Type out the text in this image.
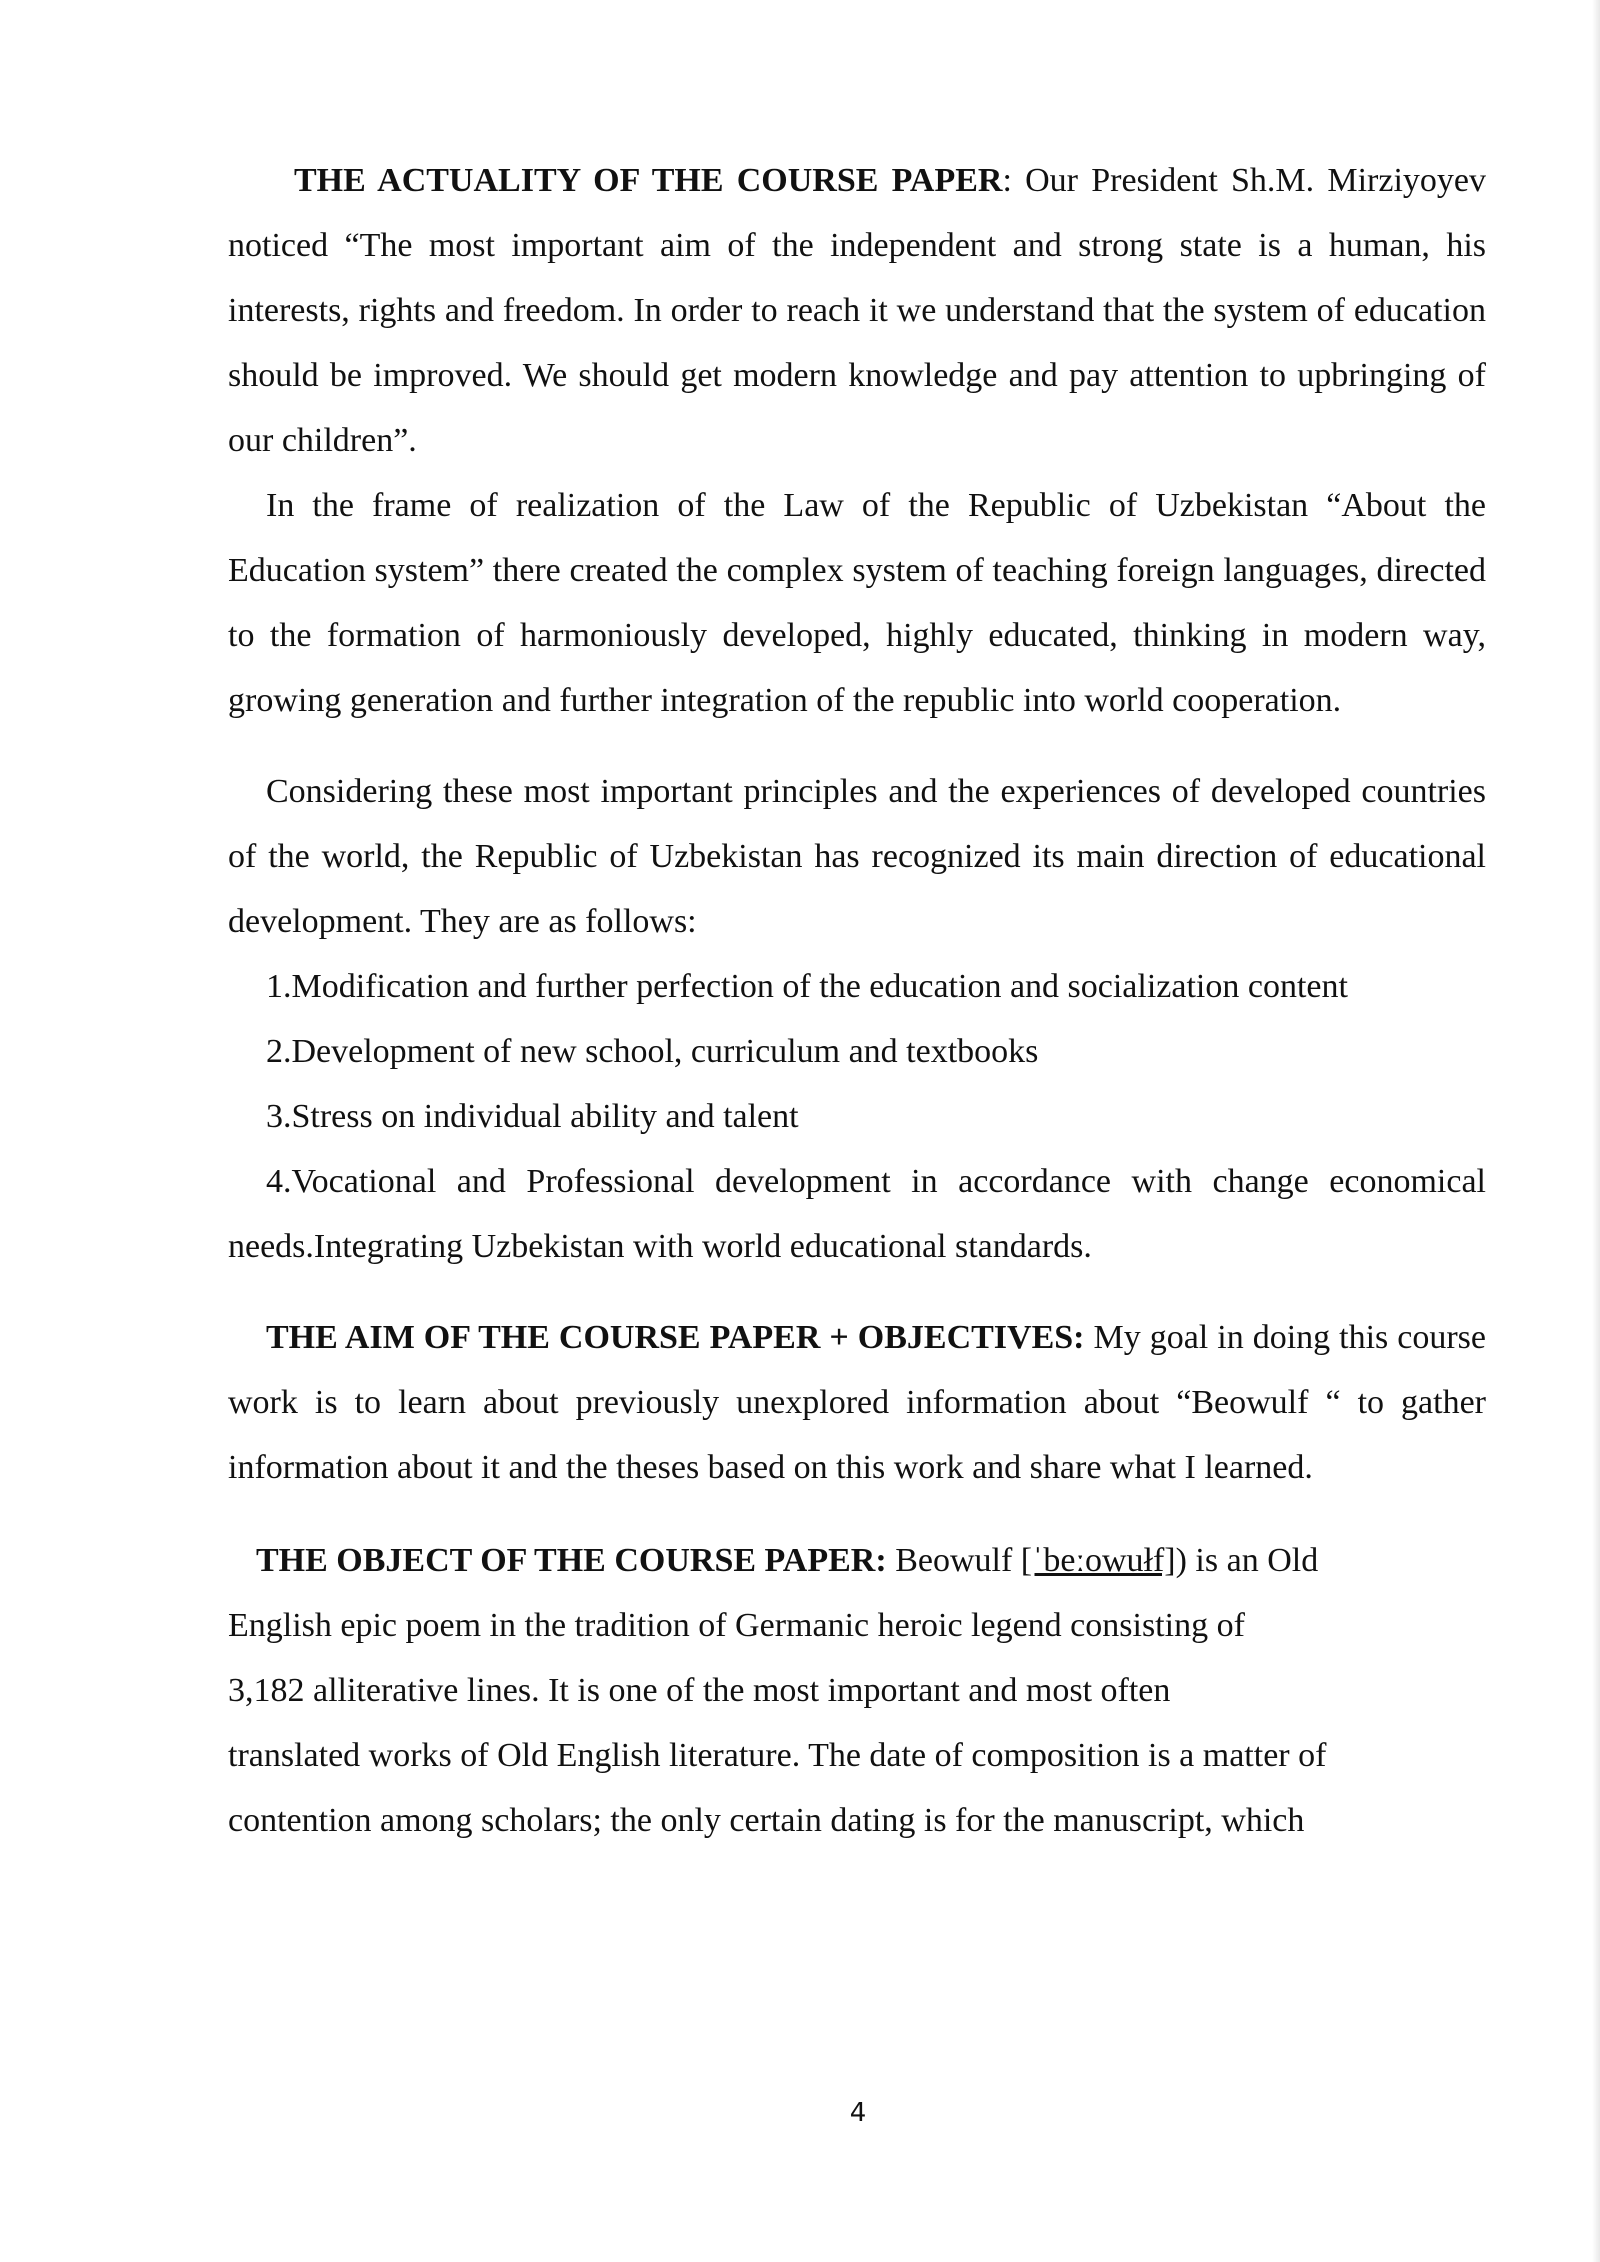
THE ACTUALITY OF THE COURSE PAPER: Our President Sh.M. Mirziyoyev noticed “The most important aim of the independent and strong state is a human, his interests, rights and freedom. In order to reach it we understand that the system of education should be improved. We should get modern knowledge and pay attention to upbringing of our children”.

In the frame of realization of the Law of the Republic of Uzbekistan “About the Education system” there created the complex system of teaching foreign languages, directed to the formation of harmoniously developed, highly educated, thinking in modern way, growing generation and further integration of the republic into world cooperation.

Considering these most important principles and the experiences of developed countries of the world, the Republic of Uzbekistan has recognized its main direction of educational development. They are as follows:

1.Modification and further perfection of the education and socialization content

2.Development of new school, curriculum and textbooks

3.Stress on individual ability and talent

4.Vocational and Professional development in accordance with change economical needs.Integrating Uzbekistan with world educational standards.

THE AIM OF THE COURSE PAPER + OBJECTIVES: My goal in doing this course work is to learn about previously unexplored information about “Beowulf “ to gather information about it and the theses based on this work and share what I learned.

THE OBJECT OF THE COURSE PAPER: Beowulf [ˈbeːowułf]) is an Old
English epic poem in the tradition of Germanic heroic legend consisting of
3,182 alliterative lines. It is one of the most important and most often
translated works of Old English literature. The date of composition is a matter of
contention among scholars; the only certain dating is for the manuscript, which
4
